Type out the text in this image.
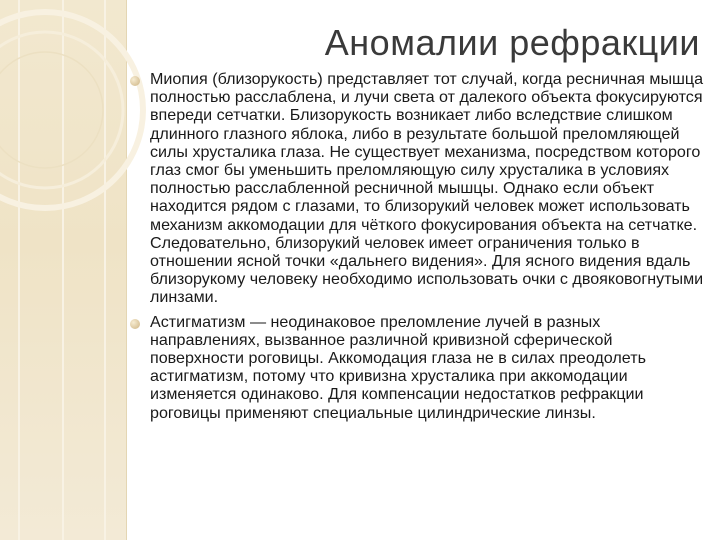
Аномалии рефракции
Миопия (близорукость) представляет тот случай, когда ресничная мышца полностью расслаблена, и лучи света от далекого объекта фокусируются впереди сетчатки. Близорукость возникает либо вследствие слишком длинного глазного яблока, либо в результате большой преломляющей силы хрусталика глаза. Не существует механизма, посредством которого глаз смог бы уменьшить преломляющую силу хрусталика в условиях полностью расслабленной ресничной мышцы. Однако если объект находится рядом с глазами, то близорукий человек может использовать механизм аккомодации для чёткого фокусирования объекта на сетчатке. Следовательно, близорукий человек имеет ограничения только в отношении ясной точки «дальнего видения». Для ясного видения вдаль близорукому человеку необходимо использовать очки с двояковогнутыми линзами.
Астигматизм — неодинаковое преломление лучей в разных направлениях, вызванное различной кривизной сферической поверхности роговицы. Аккомодация глаза не в силах преодолеть астигматизм, потому что кривизна хрусталика при аккомодации изменяется одинаково. Для компенсации недостатков рефракции роговицы применяют специальные цилиндрические линзы.
